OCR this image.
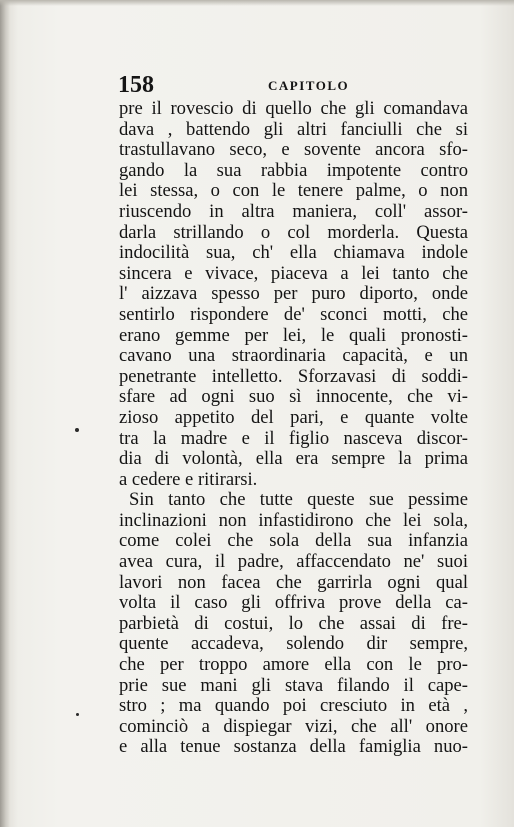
158	CAPITOLO
pre il rovescio di quello che gli comandava
dava , battendo gli altri fanciulli che si
trastullavano seco, e sovente ancora sfo-
gando la sua rabbia impotente contro
lei stessa, o con le tenere palme, o non
riuscendo in altra maniera, coll' assor-
darla strillando o col morderla. Questa
indocilità sua, ch' ella chiamava indole
sincera e vivace, piaceva a lei tanto che
l' aizzava spesso per puro diporto, onde
sentirlo rispondere de' sconci motti, che
erano gemme per lei, le quali pronosti-
cavano una straordinaria capacità, e un
penetrante intelletto. Sforzavasi di soddi-
sfare ad ogni suo sì innocente, che vi-
zioso appetito del pari, e quante volte
tra la madre e il figlio nasceva discor-
dia di volontà, ella era sempre la prima
a cedere e ritirarsi.
Sin tanto che tutte queste sue pessime
inclinazioni non infastidirono che lei sola,
come colei che sola della sua infanzia
avea cura, il padre, affaccendato ne' suoi
lavori non facea che garrirla ogni qual
volta il caso gli offriva prove della ca-
parbietà di costui, lo che assai di fre-
quente accadeva, solendo dir sempre,
che per troppo amore ella con le pro-
prie sue mani gli stava filando il cape-
stro ; ma quando poi cresciuto in età ,
cominciò a dispiegar vizi, che all' onore
e alla tenue sostanza della famiglia nuo-
